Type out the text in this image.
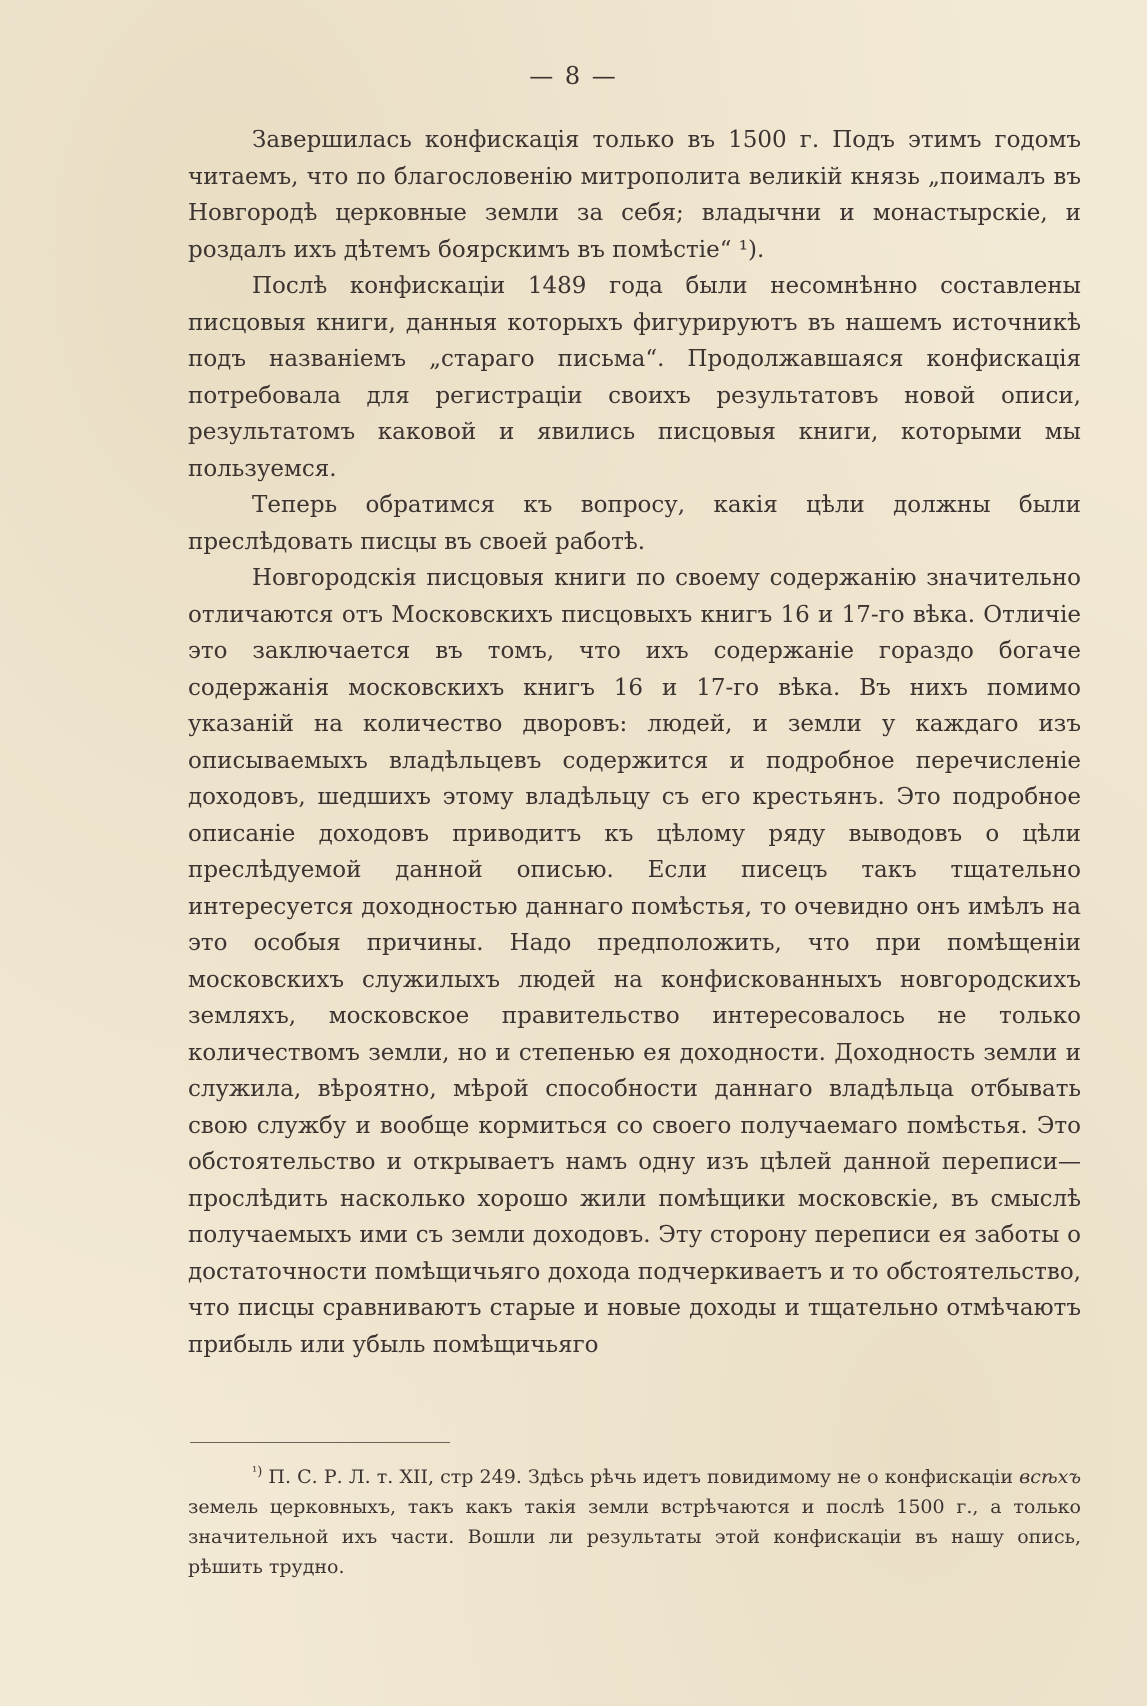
— 8 —

Завершилась конфискація только въ 1500 г. Подъ этимъ годомъ читаемъ, что по благословенію митрополита великій князь „поималъ въ Новгородѣ церковные земли за себя; владычни и монастырскіе, и роздалъ ихъ дѣтемъ боярскимъ въ помѣстіе“ ¹).

Послѣ конфискаціи 1489 года были несомнѣнно составлены писцовыя книги, данныя которыхъ фигурируютъ въ нашемъ источникѣ подъ названіемъ „стараго письма“. Продолжавшаяся конфискація потребовала для регистраціи своихъ результатовъ новой описи, результатомъ каковой и явились писцовыя книги, которыми мы пользуемся.

Теперь обратимся къ вопросу, какія цѣли должны были преслѣдовать писцы въ своей работѣ.

Новгородскія писцовыя книги по своему содержанію значительно отличаются отъ Московскихъ писцовыхъ книгъ 16 и 17-го вѣка. Отличіе это заключается въ томъ, что ихъ содержаніе гораздо богаче содержанія московскихъ книгъ 16 и 17-го вѣка. Въ нихъ помимо указаній на количество дворовъ: людей, и земли у каждаго изъ описываемыхъ владѣльцевъ содержится и подробное перечисленіе доходовъ, шедшихъ этому владѣльцу съ его крестьянъ. Это подробное описаніе доходовъ приводитъ къ цѣлому ряду выводовъ о цѣли преслѣдуемой данной описью. Если писецъ такъ тщательно интересуется доходностью даннаго помѣстья, то очевидно онъ имѣлъ на это особыя причины. Надо предположить, что при помѣщеніи московскихъ служилыхъ людей на конфискованныхъ новгородскихъ земляхъ, московское правительство интересовалось не только количествомъ земли, но и степенью ея доходности. Доходность земли и служила, вѣроятно, мѣрой способности даннаго владѣльца отбывать свою службу и вообще кормиться со своего получаемаго помѣстья. Это обстоятельство и открываетъ намъ одну изъ цѣлей данной переписи—прослѣдить насколько хорошо жили помѣщики московскіе, въ смыслѣ получаемыхъ ими съ земли доходовъ. Эту сторону переписи ея заботы о достаточности помѣщичьяго дохода подчеркиваетъ и то обстоятельство, что писцы сравниваютъ старые и новые доходы и тщательно отмѣчаютъ прибыль или убыль помѣщичьяго

$^{^1)}$ П. С. Р. Л. т. XII, стр 249. Здѣсь рѣчь идетъ повидимому не о конфискаціи всѣхъ земель церковныхъ, такъ какъ такія земли встрѣчаются и послѣ 1500 г., а только значительной ихъ части. Вошли ли результаты этой конфискаціи въ нашу опись, рѣшить трудно.
